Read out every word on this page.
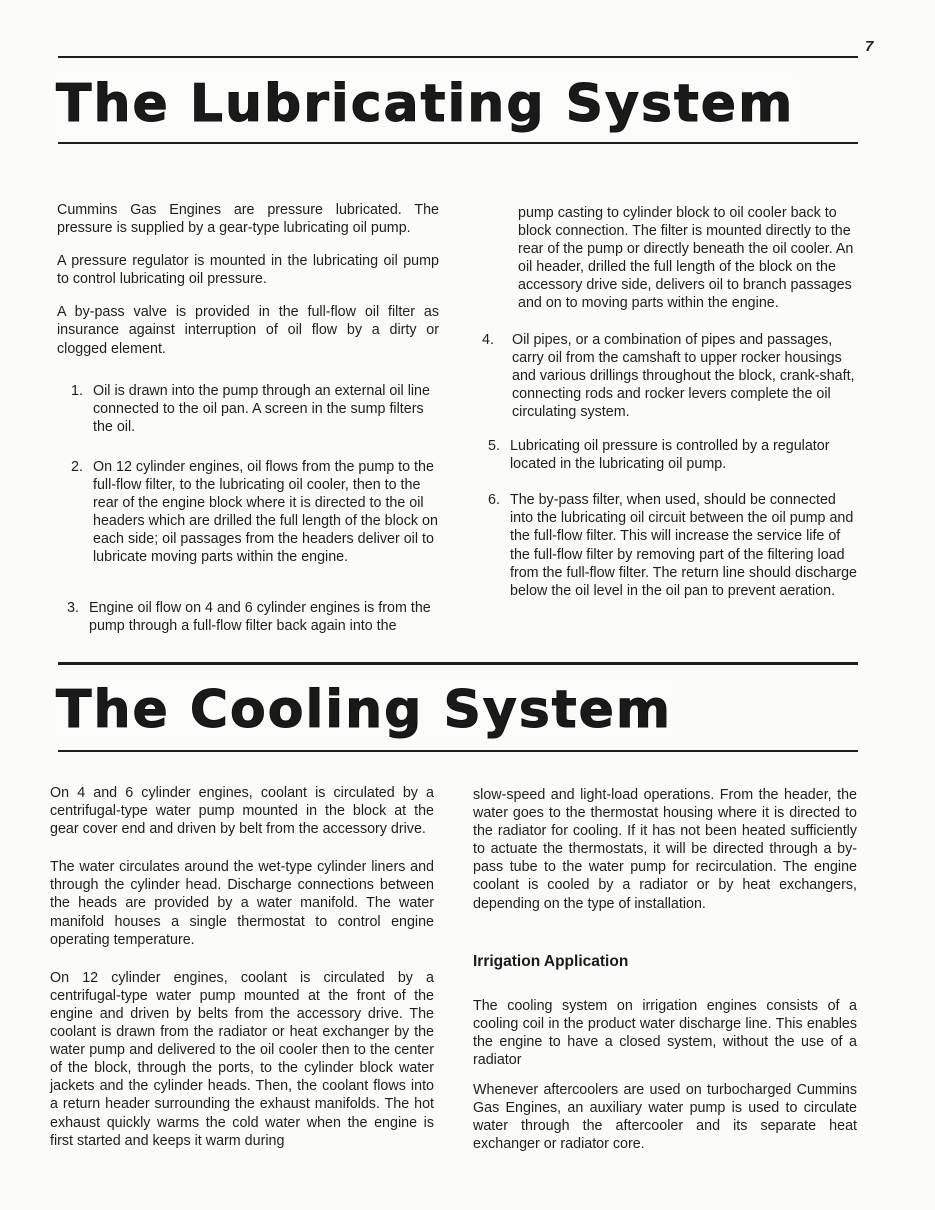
7
The Lubricating System

Cummins Gas Engines are pressure lubricated. The pressure is supplied by a gear-type lubricating oil pump.

A pressure regulator is mounted in the lubricating oil pump to control lubricating oil pressure.

A by-pass valve is provided in the full-flow oil filter as insurance against interruption of oil flow by a dirty or clogged element.

1. Oil is drawn into the pump through an external oil line connected to the oil pan. A screen in the sump filters the oil.
2. On 12 cylinder engines, oil flows from the pump to the full-flow filter, to the lubricating oil cooler, then to the rear of the engine block where it is directed to the oil headers which are drilled the full length of the block on each side; oil passages from the headers deliver oil to lubricate moving parts within the engine.
3. Engine oil flow on 4 and 6 cylinder engines is from the pump through a full-flow filter back again into the
pump casting to cylinder block to oil cooler back to block connection. The filter is mounted directly to the rear of the pump or directly beneath the oil cooler. An oil header, drilled the full length of the block on the accessory drive side, delivers oil to branch passages and on to moving parts within the engine.
4.	Oil pipes, or a combination of pipes and passages, carry oil from the camshaft to upper rocker housings and various drillings throughout the block, crank-shaft, connecting rods and rocker levers complete the oil circulating system.
5. Lubricating oil pressure is controlled by a regulator located in the lubricating oil pump.
6. The by-pass filter, when used, should be connected into the lubricating oil circuit between the oil pump and the full-flow filter. This will increase the service life of the full-flow filter by removing part of the filtering load from the full-flow filter. The return line should discharge below the oil level in the oil pan to prevent aeration.
The Cooling System

On 4 and 6 cylinder engines, coolant is circulated by a centrifugal-type water pump mounted in the block at the gear cover end and driven by belt from the accessory drive.

The water circulates around the wet-type cylinder liners and through the cylinder head. Discharge connections between the heads are provided by a water manifold. The water manifold houses a single thermostat to control engine operating temperature.

On 12 cylinder engines, coolant is circulated by a centrifugal-type water pump mounted at the front of the engine and driven by belts from the accessory drive. The coolant is drawn from the radiator or heat exchanger by the water pump and delivered to the oil cooler then to the center of the block, through the ports, to the cylinder block water jackets and the cylinder heads. Then, the coolant flows into a return header surrounding the exhaust manifolds. The hot exhaust quickly warms the cold water when the engine is first started and keeps it warm during

slow-speed and light-load operations. From the header, the water goes to the thermostat housing where it is directed to the radiator for cooling. If it has not been heated sufficiently to actuate the thermostats, it will be directed through a by-pass tube to the water pump for recirculation. The engine coolant is cooled by a radiator or by heat exchangers, depending on the type of installation.

Irrigation Application

The cooling system on irrigation engines consists of a cooling coil in the product water discharge line. This enables the engine to have a closed system, without the use of a radiator

Whenever aftercoolers are used on turbocharged Cummins Gas Engines, an auxiliary water pump is used to circulate water through the aftercooler and its separate heat exchanger or radiator core.
